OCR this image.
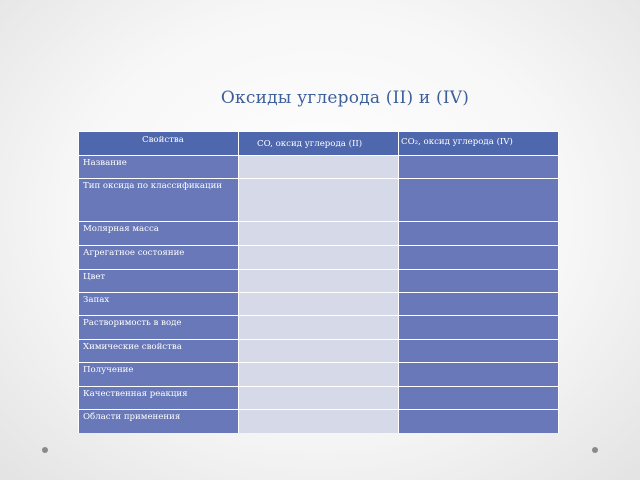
Оксиды углерода (II) и (IV)
Свойства	CO, оксид углерода (II)	CO₂, оксид углерода (IV)
Название
Тип оксида по классификации
Молярная масса
Агрегатное состояние
Цвет
Запах
Растворимость в воде
Химические свойства
Получение
Качественная реакция
Области применения
